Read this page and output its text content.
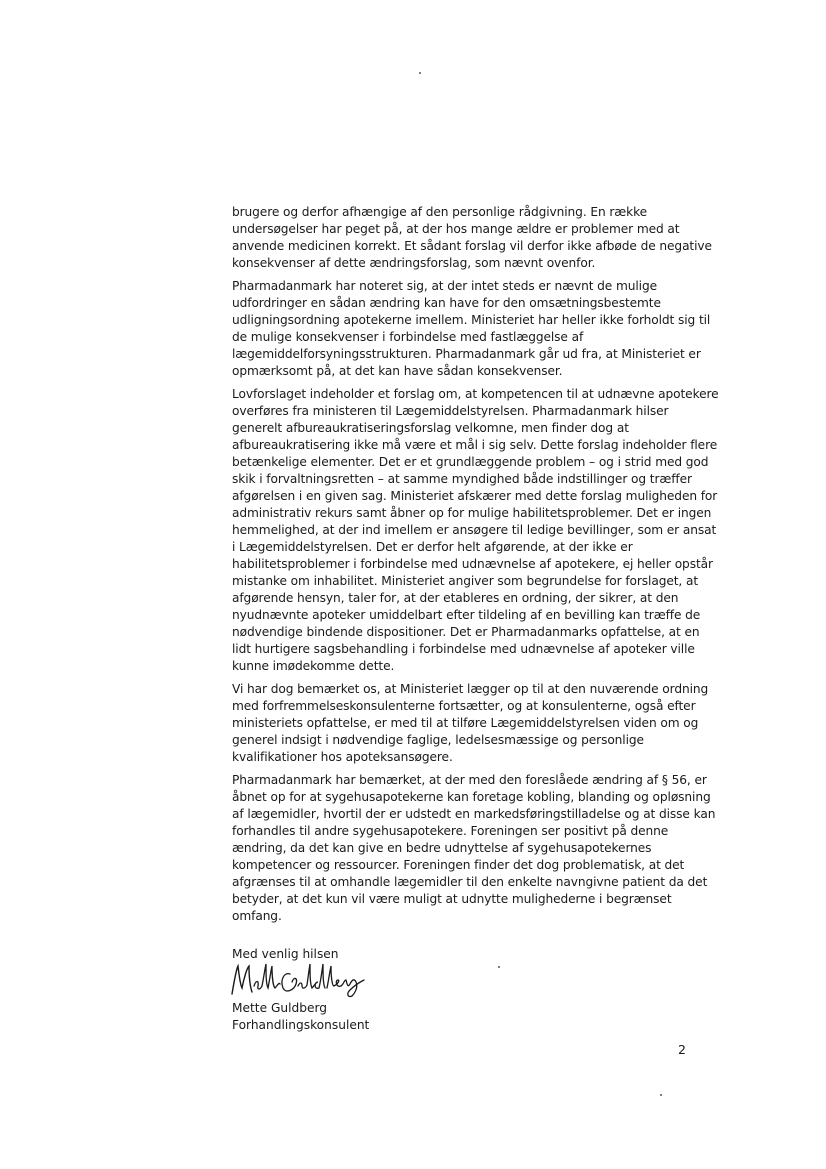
brugere og derfor afhængige af den personlige rådgivning. En række undersøgelser har peget på, at der hos mange ældre er problemer med at anvende medicinen korrekt. Et sådant forslag vil derfor ikke afbøde de negative konsekvenser af dette ændringsforslag, som nævnt ovenfor.

Pharmadanmark har noteret sig, at der intet steds er nævnt de mulige udfordringer en sådan ændring kan have for den omsætningsbestemte udligningsordning apotekerne imellem. Ministeriet har heller ikke forholdt sig til de mulige konsekvenser i forbindelse med fastlæggelse af lægemiddelforsyningsstrukturen. Pharmadanmark går ud fra, at Ministeriet er opmærksomt på, at det kan have sådan konsekvenser.

Lovforslaget indeholder et forslag om, at kompetencen til at udnævne apotekere overføres fra ministeren til Lægemiddelstyrelsen. Pharmadanmark hilser generelt afbureaukratiseringsforslag velkomne, men finder dog at afbureaukratisering ikke må være et mål i sig selv. Dette forslag indeholder flere betænkelige elementer. Det er et grundlæggende problem – og i strid med god skik i forvaltningsretten – at samme myndighed både indstillinger og træffer afgørelsen i en given sag. Ministeriet afskærer med dette forslag muligheden for administrativ rekurs samt åbner op for mulige habilitetsproblemer. Det er ingen hemmelighed, at der ind imellem er ansøgere til ledige bevillinger, som er ansat i Lægemiddelstyrelsen. Det er derfor helt afgørende, at der ikke er habilitetsproblemer i forbindelse med udnævnelse af apotekere, ej heller opstår mistanke om inhabilitet. Ministeriet angiver som begrundelse for forslaget, at afgørende hensyn, taler for, at der etableres en ordning, der sikrer, at den nyudnævnte apoteker umiddelbart efter tildeling af en bevilling kan træffe de nødvendige bindende dispositioner. Det er Pharmadanmarks opfattelse, at en lidt hurtigere sagsbehandling i forbindelse med udnævnelse af apoteker ville kunne imødekomme dette.

Vi har dog bemærket os, at Ministeriet lægger op til at den nuværende ordning med forfremmelseskonsulenterne fortsætter, og at konsulenterne, også efter ministeriets opfattelse, er med til at tilføre Lægemiddelstyrelsen viden om og generel indsigt i nødvendige faglige, ledelsesmæssige og personlige kvalifikationer hos apoteksansøgere.

Pharmadanmark har bemærket, at der med den foreslåede ændring af § 56, er åbnet op for at sygehusapotekerne kan foretage kobling, blanding og opløsning af lægemidler, hvortil der er udstedt en markedsføringstilladelse og at disse kan forhandles til andre sygehusapotekere. Foreningen ser positivt på denne ændring, da det kan give en bedre udnyttelse af sygehusapotekernes kompetencer og ressourcer. Foreningen finder det dog problematisk, at det afgrænses til at omhandle lægemidler til den enkelte navngivne patient da det betyder, at det kun vil være muligt at udnytte mulighederne i begrænset omfang.

Med venlig hilsen
Mette Guldberg
Forhandlingskonsulent
2
